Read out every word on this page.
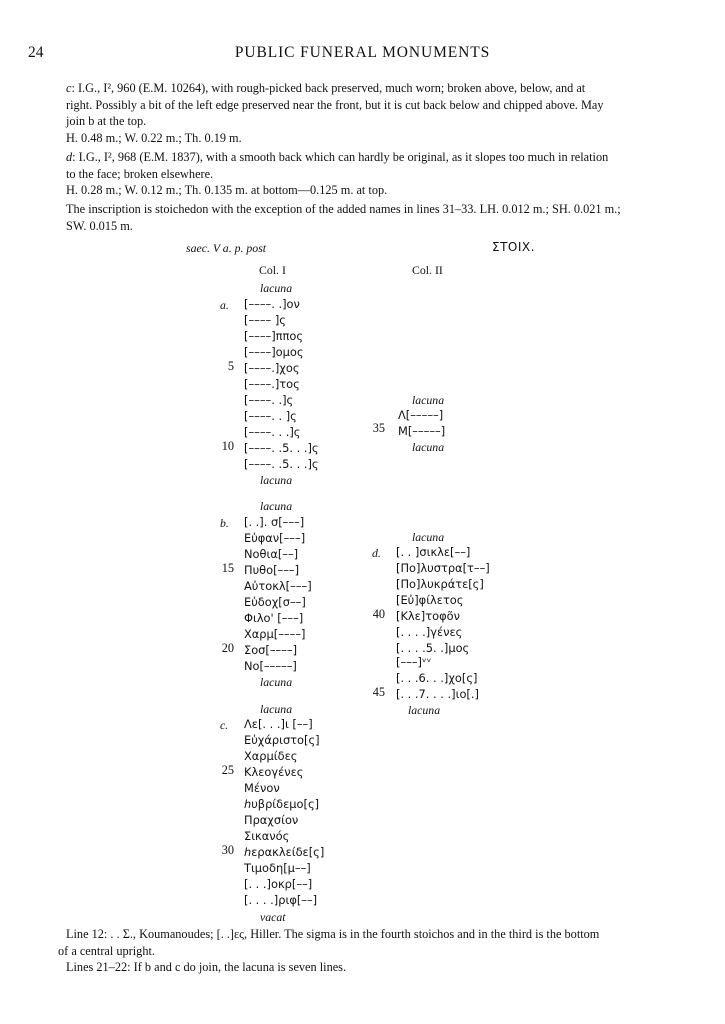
24	PUBLIC FUNERAL MONUMENTS
c: I.G., I², 960 (E.M. 10264), with rough-picked back preserved, much worn; broken above, below, and at
right. Possibly a bit of the left edge preserved near the front, but it is cut back below and chipped above. May
join b at the top.
H. 0.48 m.; W. 0.22 m.; Th. 0.19 m.
d: I.G., I², 968 (E.M. 1837), with a smooth back which can hardly be original, as it slopes too much in relation
to the face; broken elsewhere.
H. 0.28 m.; W. 0.12 m.; Th. 0.135 m. at bottom—0.125 m. at top.
The inscription is stoichedon with the exception of the added names in lines 31–33. LH. 0.012 m.; SH. 0.021 m.;
SW. 0.015 m.
saec. V a. p. post	ΣΤΟΙΧ.
Col. I	Col. II
lacuna
a. [––––. .]ον
[–––– ]ς
[––––]ππος
[––––]ομος
5 [––––.]χος
[––––.]τος
[––––. .]ς
[––––. . ]ς
[––––. . .]ς
10 [––––. .5. . .]ς
[––––. .5. . .]ς
lacuna
lacuna
b. [. .]. σ[–––]
Εὐφαν[–––]
Νοθια[––]
15 Πυθο[–––]
Αὐτοκλ[–––]
Εὐδοχ[σ––]
Φιλο' [–––]
Χαρμ[––––]
20 Σοσ[––––]
Νο[–––––]
lacuna
lacuna
c. Λε[. . .]ι [––]
Εὐχάριστο[ς]
Χαρμίδες
25 Κλεογένες
Μένον
ℎυβρίδεμο[ς]
Πραχσίον
Σικανός
30 ℎερακλείδε[ς]
Τιμοδη[μ––]
[. . .]οκρ[––]
[. . . .]ριφ[––]
vacat
lacuna
Λ[–––––]
35 Μ[–––––]
lacuna
lacuna
d. [. . ]σικλε[––]
[Πο]λυστρα[τ––]
[Πο]λυκράτε[ς]
[Εὐ]φίλετος
40 [Κλε]τοφõν
[. . . .]γένες
[. . . .5. .]μος
[–––]ᵛᵛ
[. . .6. . .]χο[ς]
45 [. . .7. . . .]ιο[.]
lacuna
Line 12: . . Σ., Koumanoudes; [. .]ες, Hiller. The sigma is in the fourth stoichos and in the third is the bottom
of a central upright.
Lines 21–22: If b and c do join, the lacuna is seven lines.
